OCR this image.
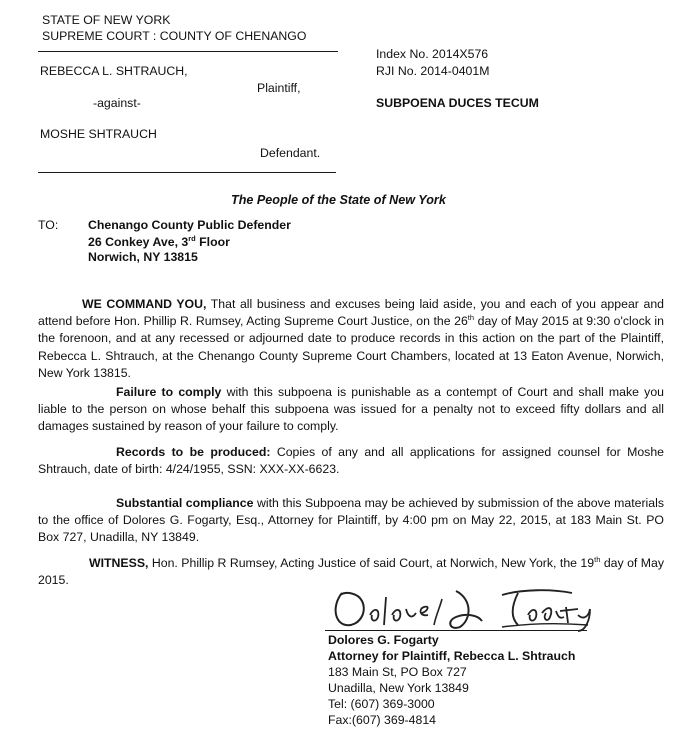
STATE OF NEW YORK
SUPREME COURT : COUNTY OF CHENANGO
REBECCA L. SHTRAUCH,
Plaintiff,
-against-
MOSHE SHTRAUCH
Defendant.
Index No. 2014X576
RJI No. 2014-0401M
SUBPOENA DUCES TECUM
The People of the State of New York
TO: Chenango County Public Defender
26 Conkey Ave, 3rd Floor
Norwich, NY 13815
WE COMMAND YOU, That all business and excuses being laid aside, you and each of you appear and attend before Hon. Phillip R. Rumsey, Acting Supreme Court Justice, on the 26th day of May 2015 at 9:30 o'clock in the forenoon, and at any recessed or adjourned date to produce records in this action on the part of the Plaintiff, Rebecca L. Shtrauch, at the Chenango County Supreme Court Chambers, located at 13 Eaton Avenue, Norwich, New York 13815.
Failure to comply with this subpoena is punishable as a contempt of Court and shall make you liable to the person on whose behalf this subpoena was issued for a penalty not to exceed fifty dollars and all damages sustained by reason of your failure to comply.
Records to be produced: Copies of any and all applications for assigned counsel for Moshe Shtrauch, date of birth: 4/24/1955, SSN: XXX-XX-6623.
Substantial compliance with this Subpoena may be achieved by submission of the above materials to the office of Dolores G. Fogarty, Esq., Attorney for Plaintiff, by 4:00 pm on May 22, 2015, at 183 Main St. PO Box 727, Unadilla, NY 13849.
WITNESS, Hon. Phillip R Rumsey, Acting Justice of said Court, at Norwich, New York, the 19th day of May 2015.
Dolores G. Fogarty
Attorney for Plaintiff, Rebecca L. Shtrauch
183 Main St, PO Box 727
Unadilla, New York 13849
Tel: (607) 369-3000
Fax:(607) 369-4814
